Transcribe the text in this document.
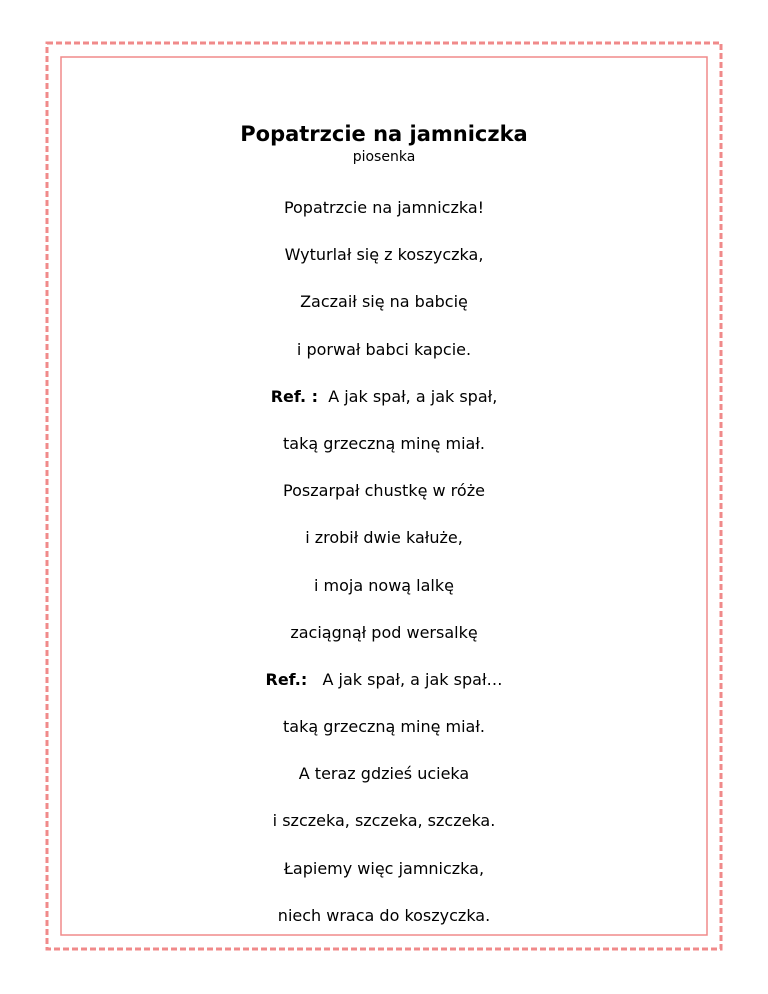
Popatrzcie na jamniczka

piosenka

Popatrzcie na jamniczka!
Wyturlał się z koszyczka,
Zaczaił się na babcię
i porwał babci kapcie.
Ref. : A jak spał, a jak spał,
taką grzeczną minę miał.
Poszarpał chustkę w róże
i zrobił dwie kałuże,
i moja nową lalkę
zaciągnął pod wersalkę
Ref.: A jak spał, a jak spał…
taką grzeczną minę miał.
A teraz gdzieś ucieka
i szczeka, szczeka, szczeka.
Łapiemy więc jamniczka,
niech wraca do koszyczka.
